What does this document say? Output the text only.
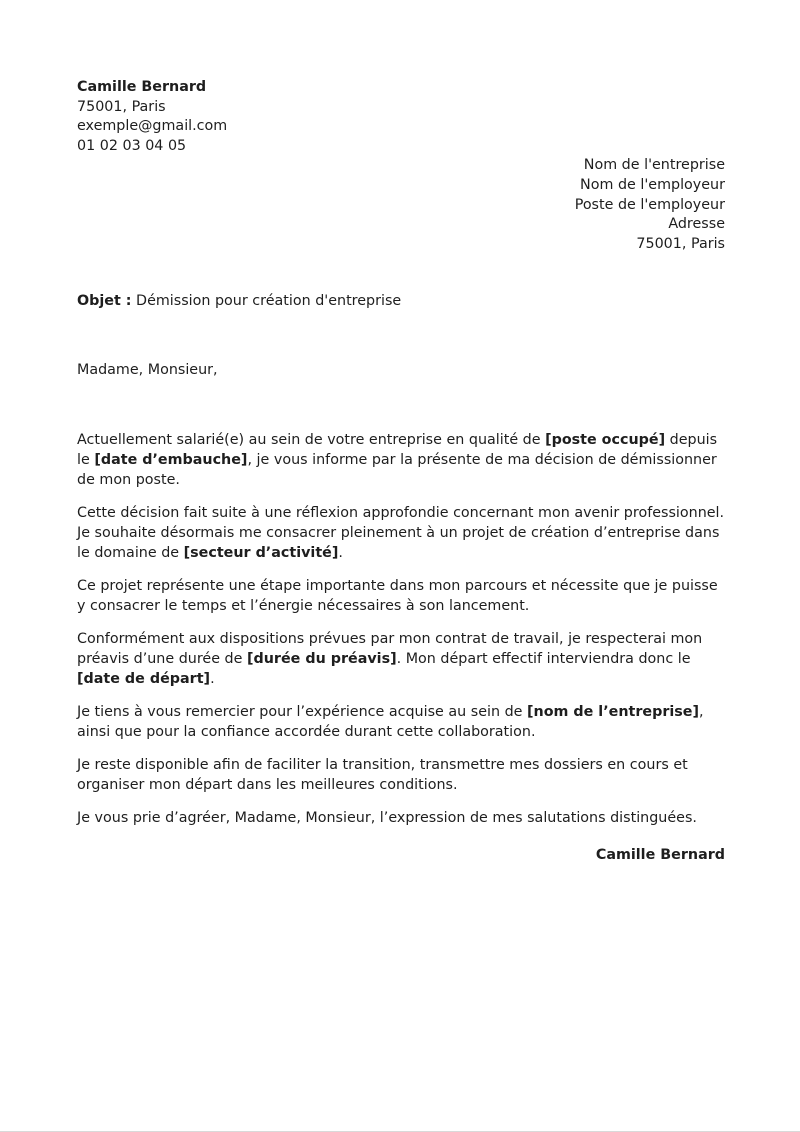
Camille Bernard
75001, Paris
exemple@gmail.com
01 02 03 04 05
Nom de l'entreprise
Nom de l'employeur
Poste de l'employeur
Adresse
75001, Paris
Objet : Démission pour création d'entreprise
Madame, Monsieur,

Actuellement salarié(e) au sein de votre entreprise en qualité de [poste occupé] depuis le [date d’embauche], je vous informe par la présente de ma décision de démissionner de mon poste.

Cette décision fait suite à une réflexion approfondie concernant mon avenir professionnel. Je souhaite désormais me consacrer pleinement à un projet de création d’entreprise dans le domaine de [secteur d’activité].

Ce projet représente une étape importante dans mon parcours et nécessite que je puisse y consacrer le temps et l’énergie nécessaires à son lancement.

Conformément aux dispositions prévues par mon contrat de travail, je respecterai mon préavis d’une durée de [durée du préavis]. Mon départ effectif interviendra donc le [date de départ].

Je tiens à vous remercier pour l’expérience acquise au sein de [nom de l’entreprise], ainsi que pour la confiance accordée durant cette collaboration.

Je reste disponible afin de faciliter la transition, transmettre mes dossiers en cours et organiser mon départ dans les meilleures conditions.

Je vous prie d’agréer, Madame, Monsieur, l’expression de mes salutations distinguées.

Camille Bernard
